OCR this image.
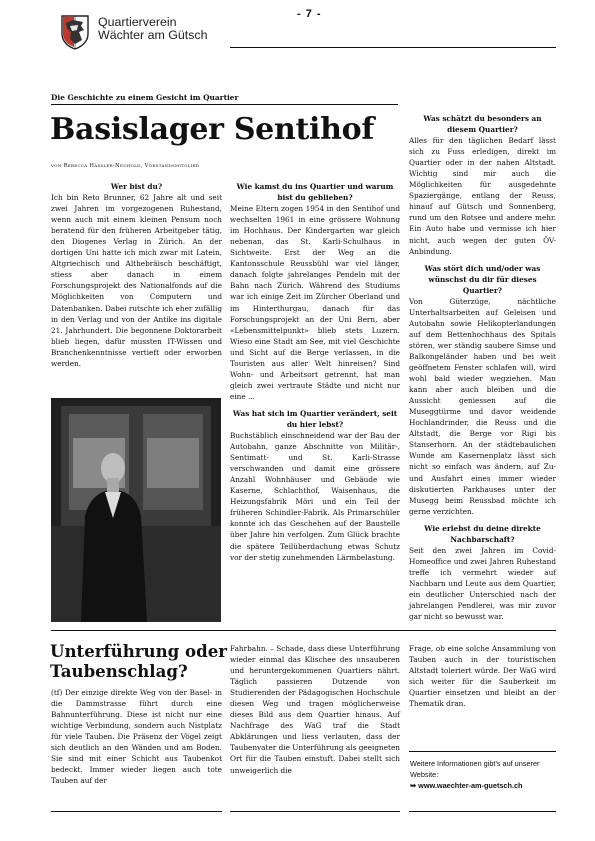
Quartierverein
Wächter am Gütsch
- 7 -
Die Geschichte zu einem Gesicht im Quartier
Basislager Sentihof
von Rebecca Hässler-Neuhold, Vorstandsmitglied
Wer bist du?
Ich bin Reto Brunner, 62 Jahre alt und seit zwei Jahren im vorgezogenen Ruhestand, wenn auch mit einem kleinen Pensum noch beratend für den früheren Arbeitgeber tätig, den Diogenes Verlag in Zürich. An der dortigen Uni hatte ich mich zwar mit Latein, Altgriechisch und Althebräisch beschäftigt, stiess aber danach in einem Forschungsprojekt des Nationalfonds auf die Möglichkeiten von Computern und Datenbanken. Dabei rutschte ich eher zufällig in den Verlag und von der Antike ins digitale 21. Jahrhundert. Die begonnene Doktorarbeit blieb liegen, dafür mussten IT-Wissen und Branchenkenntnisse vertieft oder erworben werden.
Wie kamst du ins Quartier und warum bist du geblieben?
Meine Eltern zogen 1954 in den Sentihof und wechselten 1961 in eine grössere Wohnung im Hochhaus. Der Kindergarten war gleich nebenan, das St. Karli-Schulhaus in Sichtweite. Erst der Weg an die Kantonsschule Reussbühl war viel länger, danach folgte jahrelanges Pendeln mit der Bahn nach Zürich. Während des Studiums war ich einige Zeit im Zürcher Oberland und im Hinterthurgau, danach für das Forschungsprojekt an der Uni Bern, aber «Lebensmittelpunkt» blieb stets Luzern. Wieso eine Stadt am See, mit viel Geschichte und Sicht auf die Berge verlassen, in die Touristen aus aller Welt hinreisen? Sind Wohn- und Arbeitsort getrennt, hat man gleich zwei vertraute Städte und nicht nur eine ...
Was hat sich im Quartier verändert, seit du hier lebst?
Buchstäblich einschneidend war der Bau der Autobahn, ganze Abschnitte von Militär-, Sentimatt- und St. Karli-Strasse verschwanden und damit eine grössere Anzahl Wohnhäuser und Gebäude wie Kaserne, Schlachthof, Waisenhaus, die Heizungsfabrik Möri und ein Teil der früheren Schindler-Fabrik. Als Primarschüler konnte ich das Geschehen auf der Baustelle über Jahre hin verfolgen. Zum Glück brachte die spätere Teilüberdachung etwas Schutz vor der stetig zunehmenden Lärmbelastung.
Was schätzt du besonders an diesem Quartier?
Alles für den täglichen Bedarf lässt sich zu Fuss erledigen, direkt im Quartier oder in der nahen Altstadt. Wichtig sind mir auch die Möglichkeiten für ausgedehnte Spaziergänge, entlang der Reuss, hinauf auf Gütsch und Sonnenberg, rund um den Rotsee und andere mehr. Ein Auto habe und vermisse ich hier nicht, auch wegen der guten ÖV-Anbindung.
Was stört dich und/oder was wünschst du dir für dieses Quartier?
Von Güterzüge, nächtliche Unterhaltsarbeiten auf Geleisen und Autobahn sowie Helikopterlandungen auf dem Bettenhochhaus des Spitals stören, wer ständig saubere Simse und Balkongeländer haben und bei weit geöffnetem Fenster schlafen will, wird wohl bald wieder wegziehen. Man kann aber auch bleiben und die Aussicht geniessen auf die Museggtürme und davor weidende Hochlandrinder, die Reuss und die Altstadt, die Berge vor Rigi bis Stanserhorn. An der städtebaulichen Wunde am Kasernenplatz lässt sich nicht so einfach was ändern, auf Zu- und Ausfahrt eines immer wieder diskutierten Parkhauses unter der Musegg beim Reussbad möchte ich gerne verzichten.
Wie erlebst du deine direkte Nachbarschaft?
Seit den zwei Jahren im Covid-Homeoffice und zwei Jahren Ruhestand treffe ich vermehrt wieder auf Nachbarn und Leute aus dem Quartier, ein deutlicher Unterschied nach der jahrelangen Pendlerei, was mir zuvor gar nicht so bewusst war.
Unterführung oder
Taubenschlag?
(tf) Der einzige direkte Weg von der Basel- in die Dammstrasse führt durch eine Bahnunterführung. Diese ist nicht nur eine wichtige Verbindung, sondern auch Nistplatz für viele Tauben. Die Präsenz der Vögel zeigt sich deutlich an den Wänden und am Boden. Sie sind mit einer Schicht aus Taubenkot bedeckt. Immer wieder liegen auch tote Tauben auf der
Fahrbahn. – Schade, dass diese Unterführung wieder einmal das Klischee des unsauberen und heruntergekommenen Quartiers nährt. Täglich passieren Dutzende von Studierenden der Pädagogischen Hochschule diesen Weg und tragen möglicherweise dieses Bild aus dem Quartier hinaus. Auf Nachfrage des WaG traf die Stadt Abklärungen und liess verlauten, dass der Taubenvater die Unterführung als geeigneten Ort für die Tauben einstuft. Dabei stellt sich unweigerlich die
Frage, ob eine solche Ansammlung von Tauben auch in der touristischen Altstadt toleriert würde. Der WaG wird sich weiter für die Sauberkeit im Quartier einsetzen und bleibt an der Thematik dran.
Weitere Informationen gibt's auf unserer Website:
➥ www.waechter-am-guetsch.ch
